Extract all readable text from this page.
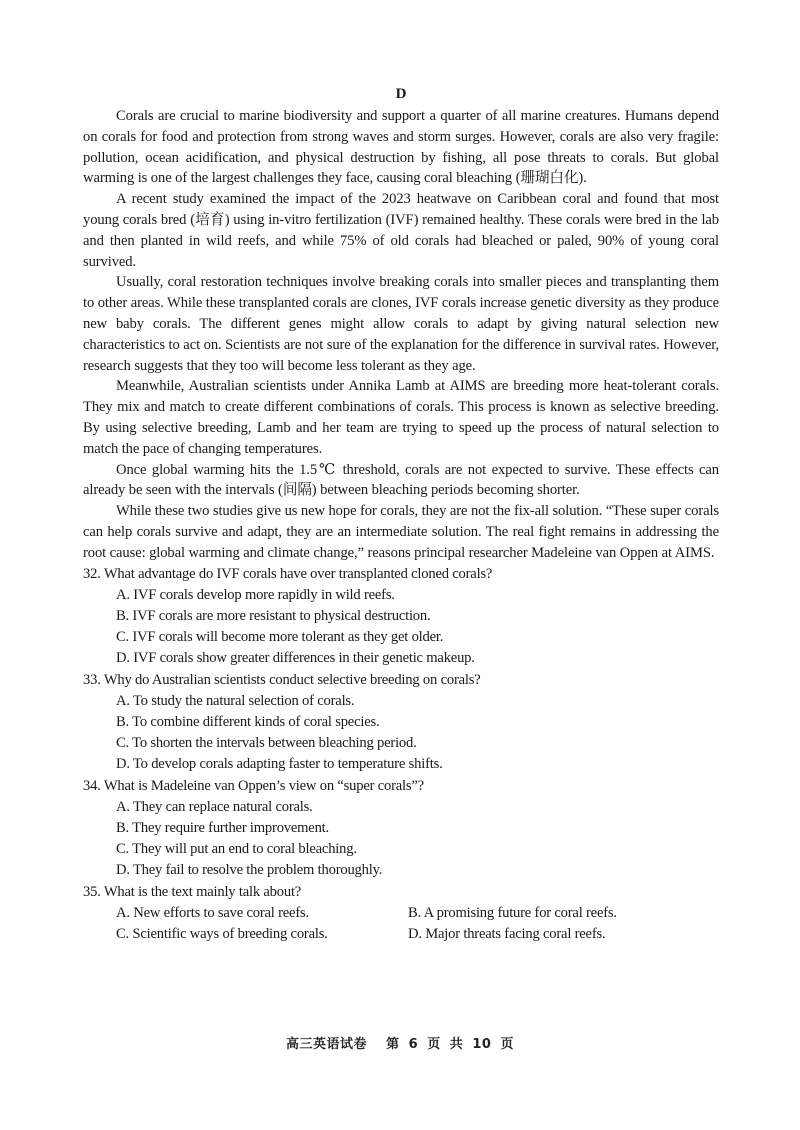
D

Corals are crucial to marine biodiversity and support a quarter of all marine creatures. Humans depend on corals for food and protection from strong waves and storm surges. However, corals are also very fragile: pollution, ocean acidification, and physical destruction by fishing, all pose threats to corals. But global warming is one of the largest challenges they face, causing coral bleaching (珊瑚白化).

A recent study examined the impact of the 2023 heatwave on Caribbean coral and found that most young corals bred (培育) using in-vitro fertilization (IVF) remained healthy. These corals were bred in the lab and then planted in wild reefs, and while 75% of old corals had bleached or paled, 90% of young coral survived.

Usually, coral restoration techniques involve breaking corals into smaller pieces and transplanting them to other areas. While these transplanted corals are clones, IVF corals increase genetic diversity as they produce new baby corals. The different genes might allow corals to adapt by giving natural selection new characteristics to act on. Scientists are not sure of the explanation for the difference in survival rates. However, research suggests that they too will become less tolerant as they age.

Meanwhile, Australian scientists under Annika Lamb at AIMS are breeding more heat-tolerant corals. They mix and match to create different combinations of corals. This process is known as selective breeding. By using selective breeding, Lamb and her team are trying to speed up the process of natural selection to match the pace of changing temperatures.

Once global warming hits the 1.5℃ threshold, corals are not expected to survive. These effects can already be seen with the intervals (间隔) between bleaching periods becoming shorter.

While these two studies give us new hope for corals, they are not the fix-all solution. “These super corals can help corals survive and adapt, they are an intermediate solution. The real fight remains in addressing the root cause: global warming and climate change,” reasons principal researcher Madeleine van Oppen at AIMS.

32. What advantage do IVF corals have over transplanted cloned corals?

A. IVF corals develop more rapidly in wild reefs.

B. IVF corals are more resistant to physical destruction.

C. IVF corals will become more tolerant as they get older.

D. IVF corals show greater differences in their genetic makeup.

33. Why do Australian scientists conduct selective breeding on corals?

A. To study the natural selection of corals.

B. To combine different kinds of coral species.

C. To shorten the intervals between bleaching period.

D. To develop corals adapting faster to temperature shifts.

34. What is Madeleine van Oppen’s view on “super corals”?

A. They can replace natural corals.

B. They require further improvement.

C. They will put an end to coral bleaching.

D. They fail to resolve the problem thoroughly.

35. What is the text mainly talk about?

A. New efforts to save coral reefs.	B. A promising future for coral reefs.

C. Scientific ways of breeding corals.	D. Major threats facing coral reefs.

高三英语试卷 第 6 页 共 10 页
